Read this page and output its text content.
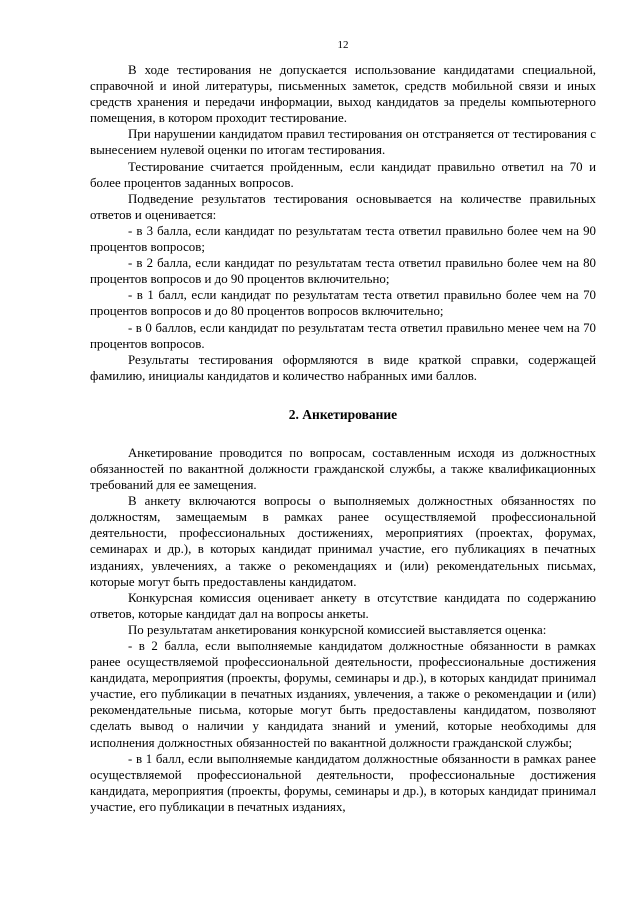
12

В ходе тестирования не допускается использование кандидатами специальной, справочной и иной литературы, письменных заметок, средств мобильной связи и иных средств хранения и передачи информации, выход кандидатов за пределы компьютерного помещения, в котором проходит тестирование.

При нарушении кандидатом правил тестирования он отстраняется от тестирования с вынесением нулевой оценки по итогам тестирования.

Тестирование считается пройденным, если кандидат правильно ответил на 70 и более процентов заданных вопросов.

Подведение результатов тестирования основывается на количестве правильных ответов и оценивается:

- в 3 балла, если кандидат по результатам теста ответил правильно более чем на 90 процентов вопросов;

- в 2 балла, если кандидат по результатам теста ответил правильно более чем на 80 процентов вопросов и до 90 процентов включительно;

- в 1 балл, если кандидат по результатам теста ответил правильно более чем на 70 процентов вопросов и до 80 процентов вопросов включительно;

- в 0 баллов, если кандидат по результатам теста ответил правильно менее чем на 70 процентов вопросов.

Результаты тестирования оформляются в виде краткой справки, содержащей фамилию, инициалы кандидатов и количество набранных ими баллов.

2. Анкетирование

Анкетирование проводится по вопросам, составленным исходя из должностных обязанностей по вакантной должности гражданской службы, а также квалификационных требований для ее замещения.

В анкету включаются вопросы о выполняемых должностных обязанностях по должностям, замещаемым в рамках ранее осуществляемой профессиональной деятельности, профессиональных достижениях, мероприятиях (проектах, форумах, семинарах и др.), в которых кандидат принимал участие, его публикациях в печатных изданиях, увлечениях, а также о рекомендациях и (или) рекомендательных письмах, которые могут быть предоставлены кандидатом.

Конкурсная комиссия оценивает анкету в отсутствие кандидата по содержанию ответов, которые кандидат дал на вопросы анкеты.

По результатам анкетирования конкурсной комиссией выставляется оценка:

- в 2 балла, если выполняемые кандидатом должностные обязанности в рамках ранее осуществляемой профессиональной деятельности, профессиональные достижения кандидата, мероприятия (проекты, форумы, семинары и др.), в которых кандидат принимал участие, его публикации в печатных изданиях, увлечения, а также о рекомендации и (или) рекомендательные письма, которые могут быть предоставлены кандидатом, позволяют сделать вывод о наличии у кандидата знаний и умений, которые необходимы для исполнения должностных обязанностей по вакантной должности гражданской службы;

- в 1 балл, если выполняемые кандидатом должностные обязанности в рамках ранее осуществляемой профессиональной деятельности, профессиональные достижения кандидата, мероприятия (проекты, форумы, семинары и др.), в которых кандидат принимал участие, его публикации в печатных изданиях,
